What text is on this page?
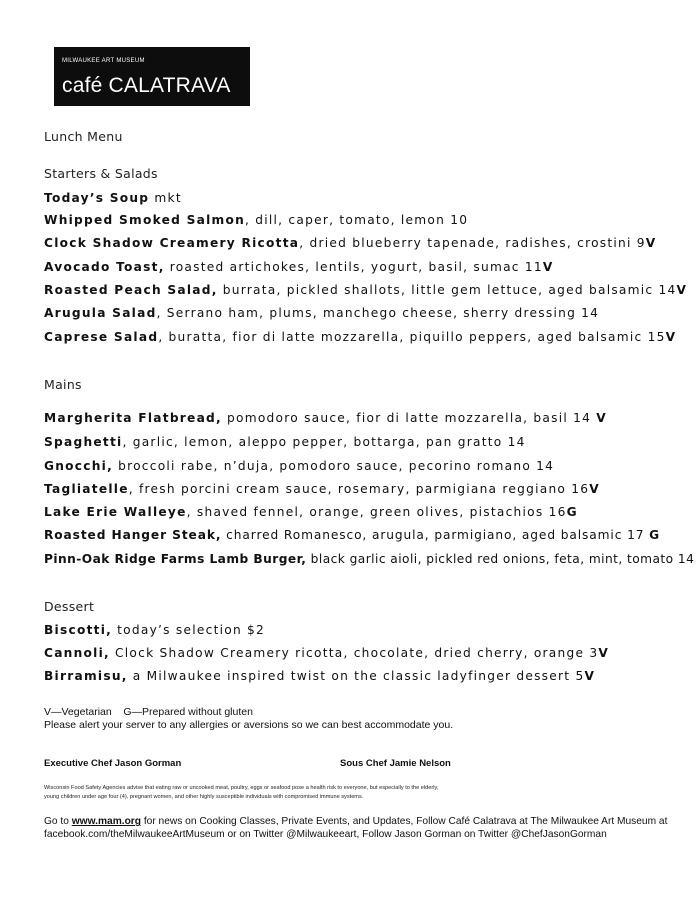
MILWAUKEE ART MUSEUM
café CALATRAVA
Lunch Menu
Starters & Salads
Today’s Soup mkt
Whipped Smoked Salmon, dill, caper, tomato, lemon 10
Clock Shadow Creamery Ricotta, dried blueberry tapenade, radishes, crostini 9V
Avocado Toast, roasted artichokes, lentils, yogurt, basil, sumac 11V
Roasted Peach Salad, burrata, pickled shallots, little gem lettuce, aged balsamic 14V
Arugula Salad, Serrano ham, plums, manchego cheese, sherry dressing 14
Caprese Salad, buratta, fior di latte mozzarella, piquillo peppers, aged balsamic 15V
Mains
Margherita Flatbread, pomodoro sauce, fior di latte mozzarella, basil 14 V
Spaghetti, garlic, lemon, aleppo pepper, bottarga, pan gratto 14
Gnocchi, broccoli rabe, n’duja, pomodoro sauce, pecorino romano 14
Tagliatelle, fresh porcini cream sauce, rosemary, parmigiana reggiano 16V
Lake Erie Walleye, shaved fennel, orange, green olives, pistachios 16G
Roasted Hanger Steak, charred Romanesco, arugula, parmigiano, aged balsamic 17 G
Pinn-Oak Ridge Farms Lamb Burger, black garlic aioli, pickled red onions, feta, mint, tomato 14
Dessert
Biscotti, today’s selection $2
Cannoli, Clock Shadow Creamery ricotta, chocolate, dried cherry, orange 3V
Birramisu, a Milwaukee inspired twist on the classic ladyfinger dessert 5V
V—Vegetarian    G—Prepared without gluten
Please alert your server to any allergies or aversions so we can best accommodate you.
Executive Chef Jason Gorman	Sous Chef Jamie Nelson
Wisconsin Food Safety Agencies advise that eating raw or uncooked meat, poultry, eggs or seafood pose a health risk to everyone, but especially to the elderly,
young children under age four (4), pregnant women, and other highly susceptible individuals with compromised immune systems.
Go to www.mam.org for news on Cooking Classes, Private Events, and Updates, Follow Café Calatrava at The Milwaukee Art Museum at
facebook.com/theMilwaukeeArtMuseum or on Twitter @Milwaukeeart, Follow Jason Gorman on Twitter @ChefJasonGorman
